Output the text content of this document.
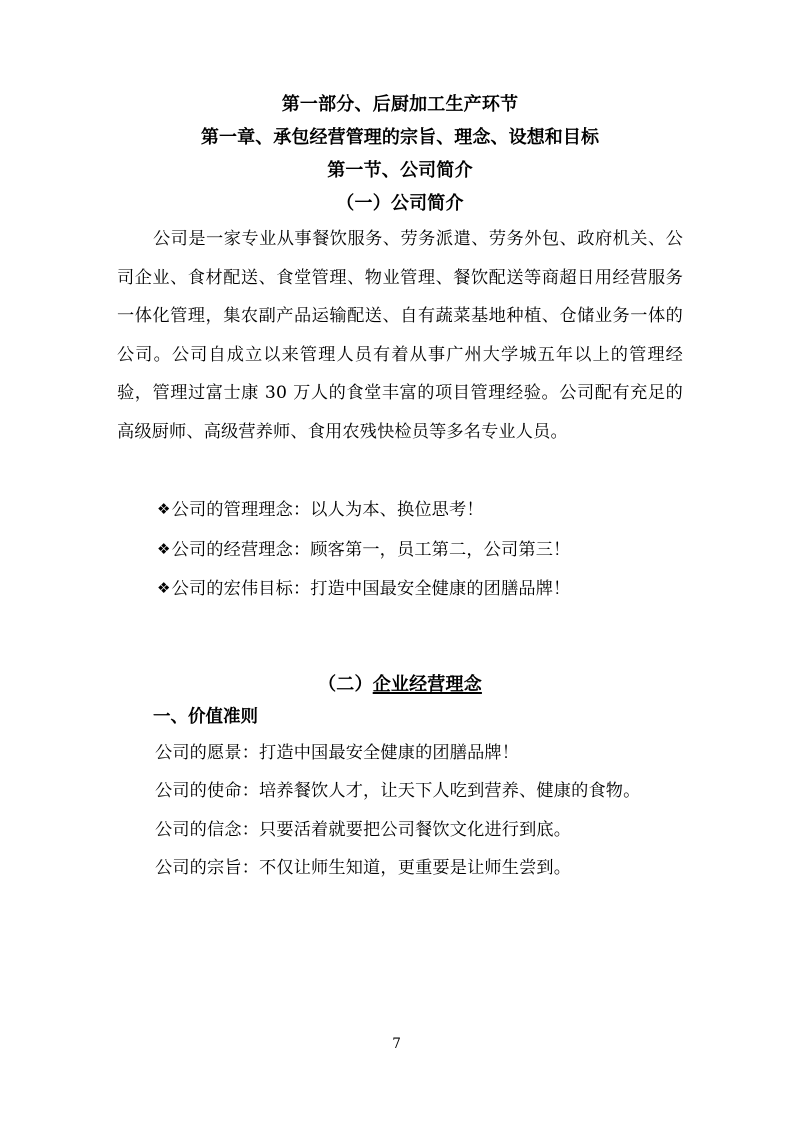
第一部分、后厨加工生产环节
第一章、承包经营管理的宗旨、理念、设想和目标
第一节、公司简介
（一）公司简介
公司是一家专业从事餐饮服务、劳务派遣、劳务外包、政府机关、公司企业、食材配送、食堂管理、物业管理、餐饮配送等商超日用经营服务一体化管理，集农副产品运输配送、自有蔬菜基地种植、仓储业务一体的公司。公司自成立以来管理人员有着从事广州大学城五年以上的管理经验，管理过富士康 30 万人的食堂丰富的项目管理经验。公司配有充足的高级厨师、高级营养师、食用农残快检员等多名专业人员。
❖公司的管理理念：以人为本、换位思考！
❖公司的经营理念：顾客第一，员工第二，公司第三！
❖公司的宏伟目标：打造中国最安全健康的团膳品牌！
（二）企业经营理念
一、价值准则
公司的愿景：打造中国最安全健康的团膳品牌！
公司的使命：培养餐饮人才，让天下人吃到营养、健康的食物。
公司的信念：只要活着就要把公司餐饮文化进行到底。
公司的宗旨：不仅让师生知道，更重要是让师生尝到。
7
